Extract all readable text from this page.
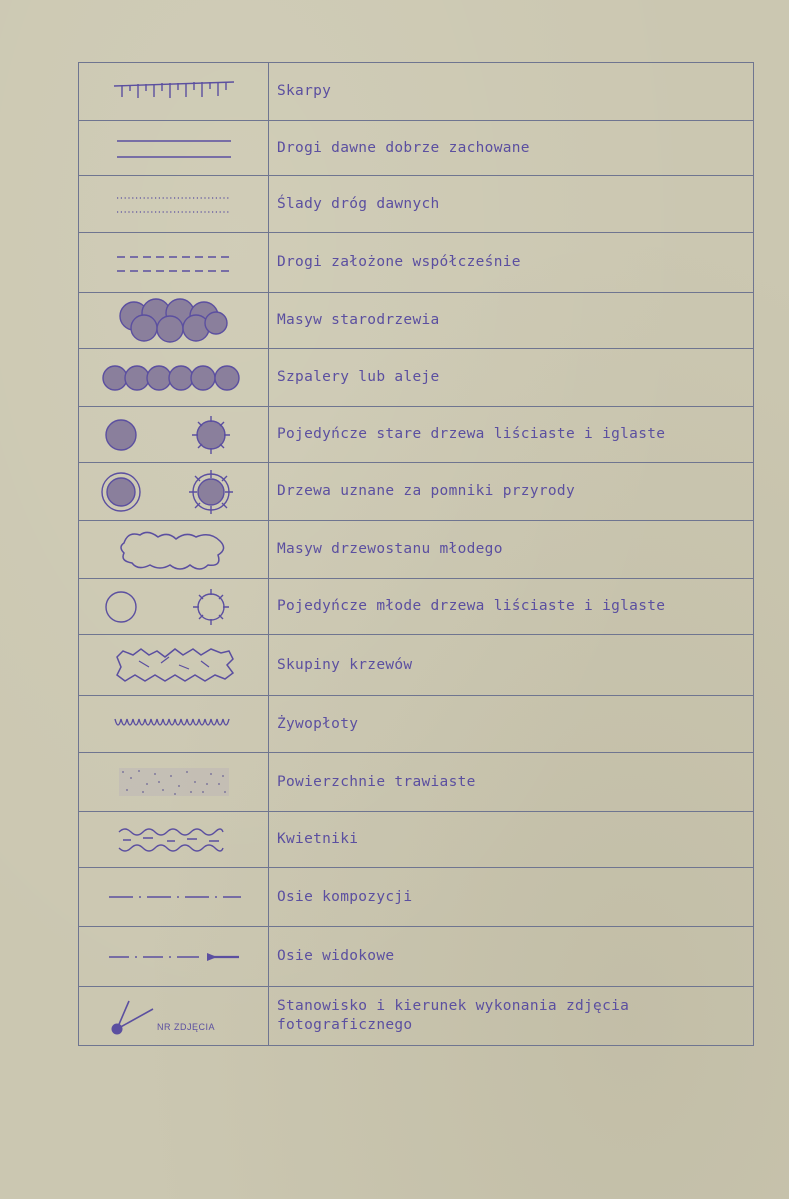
Skarpy
Drogi dawne dobrze zachowane
Ślady dróg dawnych
Drogi założone współcześnie
Masyw starodrzewia
Szpalery lub aleje
Pojedyńcze stare drzewa liściaste i iglaste
Drzewa uznane za pomniki przyrody
Masyw drzewostanu młodego
Pojedyńcze młode drzewa liściaste i iglaste
Skupiny krzewów
Żywopłoty
Powierzchnie trawiaste
Kwietniki
Osie kompozycji
Osie widokowe
NR ZDJĘCIA
Stanowisko i kierunek wykonania zdjęcia fotograficznego
